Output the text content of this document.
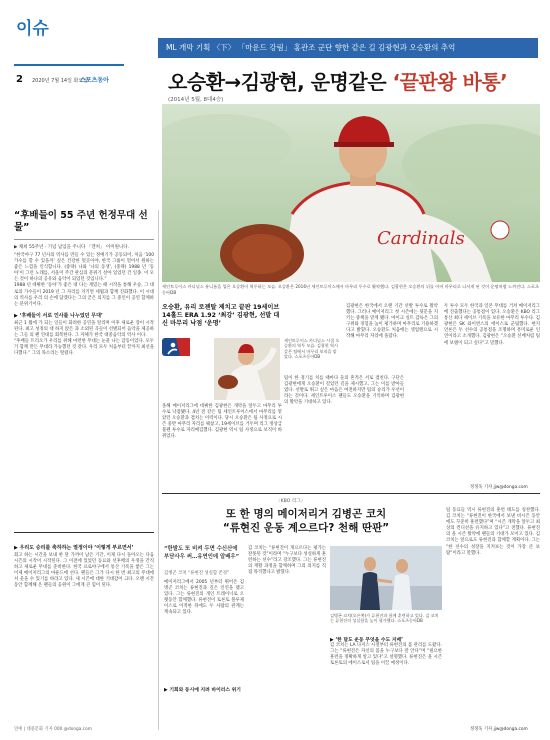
이슈
ML 개막 기획 〈下〉 「마운드 강림」 홍관조 군단 향한 같은 길 김광현과 오승환의 추억
2 2020년 7월 14일 화요일
스포츠동아	오승환→김광현, 운명같은 ‘끝판왕 바통’
(2014년 5월, 8대4승)
Cardinals
세인트루이스 카디널스 유니폼을 입은 오승환이 역투하는 모습. 오승환은 2016년 세인트루이스에서 마무리 투수로 활약했다. 김광현은 오승환의 뒤를 이어 마무리로 나서게 된 것이 운명처럼 느껴진다. 스포츠동아DB
“후배들이 55 주년 헌정무대 선물”
▶ 채희 55주년 · 기념 납입을 주니다 「캔쳐」 이미원니다.

“한국야구 77 년사의 역사를 만들 수 있는 정예기가 공동되어, 처음 ‘100 가수를 할 수 있을까’ 싶은 건강한 멋곳이야, 한국 그룹이 멀어서 원하는 좋은 느낌을 인식합니다. (중략) 나와 ‘나의 동생’, (중략) 1988 년 ‘동아’이 그런 노래를, 서울이 주간 관심의 분위기 살아 있었던 건 일종. 이 모든 것이 하나의 공유와 음악이 되었던 것입니다.”

1988 년 데뷔한 ‘동아’가 좋은 대 다는 재밌는 때 시작을 통해 우승, 그 대로의 가수들이 2019 년 그 자리를 지키면 세월과 함께 진화했다. 이 시대의 역사를 우리 의 손에 담겠다는 그의 굳은 의지를 그 중인이 공연 함께하는 분위기이다.

▶ ‘후배들이 서로 인사를 나누었던 무대’

최근 1 월에 가 되는 일들이 화려한 공연을 알리며 이후 새로운 장이 시작된다. 최고 성정의 대 하지 앉은 과 소외된 곡들이 선별되어 음악을 제공하는 그들 의 팬 연대를 회복한다. 그 자체가 한국 대중음악의 역사 이다.

“후배들 트리오가 우리를 위해 마련한 무대는 눈물 나는 감동이었다. 모두가 함께 만든 무대라 가능했던 것 같다. 우리 모두 처음부터 끝까지 최선을 다했다.” 그의 목소리는 떨렸다.

▶ 우리도 승리를 축하하는 열정이야 ‘이렇게 부르면서’

회고 하는 시간을 보내 한 달 가까이 남은 기간, 이제 다시 돌아오는 다음 시즌의 시작이 시작된다. 그 이전에 있었던 동료와 선후배의 우정을 간직하고 새로운 무대를 준비한다. 한국 프로야구에서 통산 기록을 쌓은 그는 이제 메이저리그의 마운드에 선다. 팬들은 그가 다시 한 번 최고의 무대에서 웃을 수 있기를 바라고 있다. 새 시즌에 대한 기대감이 크다. 오랜 시간 동안 함께해 온 팬들의 응원이 그에게 큰 힘이 된다.

연예 | 대중문화 기자 000 @donga.com
오승환, 유리 로젠탈 제치고 끝판 19세이브 14홀드 ERA 1.92 ‘최강’ 김광현, 선발 대신 마무리 낙점 ‘운명’
세인트루이스 카디널스 시절 오승환의 역투 모습. 김광현 역시 같은 팀에서 마무리 보직을 맡았다. 스포츠동아DB

올해 메이저리그에 데뷔한 김광현은 개막을 앞두고 마무리 투수로 낙점됐다. 4년 전 같은 팀 세인트루이스에서 마무리를 맡았던 오승환과 겹치는 이력이다. 당시 오승환은 팀 사정으로 시즌 중반 마무리 자리를 꿰찼고, 19세이브를 거두며 리그 정상급 불펜 투수로 자리매김했다. 김광현 역시 팀 사정으로 보직이 바뀌었다.

팀이 한 경기를 치를 때마다 둘의 흔적은 서로 겹친다. 구단은 김광현에게 오승환이 걸었던 길을 제시했고, 그는 이를 받아들였다. 선발로 뛰고 싶은 마음은 여전하지만 팀의 승리가 우선이라는 것이다. 세인트루이스 팬들도 오승환을 기억하며 김광현의 활약을 기대하고 있다.

김광현은 한국에서 오랜 기간 선발 투수로 활약했다. 그러나 메이저리그 첫 시즌에는 뒷문을 지키는 중책을 맡게 됐다. 마이크 실트 감독은 그의 구위와 경험을 높이 평가하며 마무리로 기용하겠다고 밝혔다. 오승환도 처음에는 셋업맨으로 시작해 마무리 자리에 올랐다.

두 투수 모두 한국과 일본 무대를 거쳐 메이저리그에 진출했다는 공통점이 있다. 오승환은 KBO 리그 통산 최다 세이브 기록을 보유한 마무리 투수다. 김광현은 SK 와이번스의 에이스로 군림했다. 현지 언론은 두 선수의 공통점을 조명하며 흥미로운 인연이라고 소개했다. 김광현은 “오승환 선배처럼 팀에 보탬이 되고 싶다”고 말했다.

정정욱 기자 jjw@donga.com
〈KBO 리그〉
또 한 명의 메이저리거 김병곤 코치
“류현진 운동 계으르다? 천해 딴판”
“한발도 또 비켜 두면 수신산에 부닫사우 써…유연인데 알배우”
김병곤 코치 “류현진 성실함 존경”

메이저리그에서 2005 년부터 뛰어온 김병곤 코치는 류현진과 깊은 인연을 맺고 있다. 그는 류현진의 개인 트레이너로 오랫동안 함께했다. 류현진이 토론토 블루제이스로 이적한 뒤에도 두 사람의 관계는 계속되고 있다.

김 코치는 “류현진이 게으르다는 평가는 잘못된 것”이라며 “누구보다 성실하게 훈련하는 선수”라고 강조했다. 그는 류현진의 재활 과정을 함께하며 그의 의지를 직접 목격했다고 밝혔다.

김병곤 코치(오른쪽)가 류현진과 함께 훈련하고 있다. 김 코치는 류현진의 성실함을 높이 평가했다. 스포츠동아DB
▶ ‘한 달도 운동 무엇을 수도 지배’

김 코치는 LA 다저스 시절부터 류현진의 몸 관리를 도왔다. 그는 “류현진은 자신의 몸을 누구보다 잘 안다”며 “필요한 훈련을 정확하게 알고 있다”고 설명했다. 류현진은 올 시즌 토론토의 에이스로서 팀을 이끌 예정이다.

팀 동료들 역시 류현진의 훈련 태도를 칭찬했다. 김 코치는 “류현진이 한국에서 보낸 비시즌 동안에도 꾸준히 훈련했다”며 “시즌 개막을 앞두고 최상의 컨디션을 유지하고 있다”고 전했다. 류현진의 올 시즌 활약에 팬들의 기대가 모이고 있다. 김 코치는 앞으로도 류현진과 함께할 계획이다. 그는 “한 선수의 성장을 지켜보는 것이 가장 큰 보람”이라고 말했다.

▶ 기회와 동시에 지려 바이러스 위기
정정욱 기자 jjw@donga.com
